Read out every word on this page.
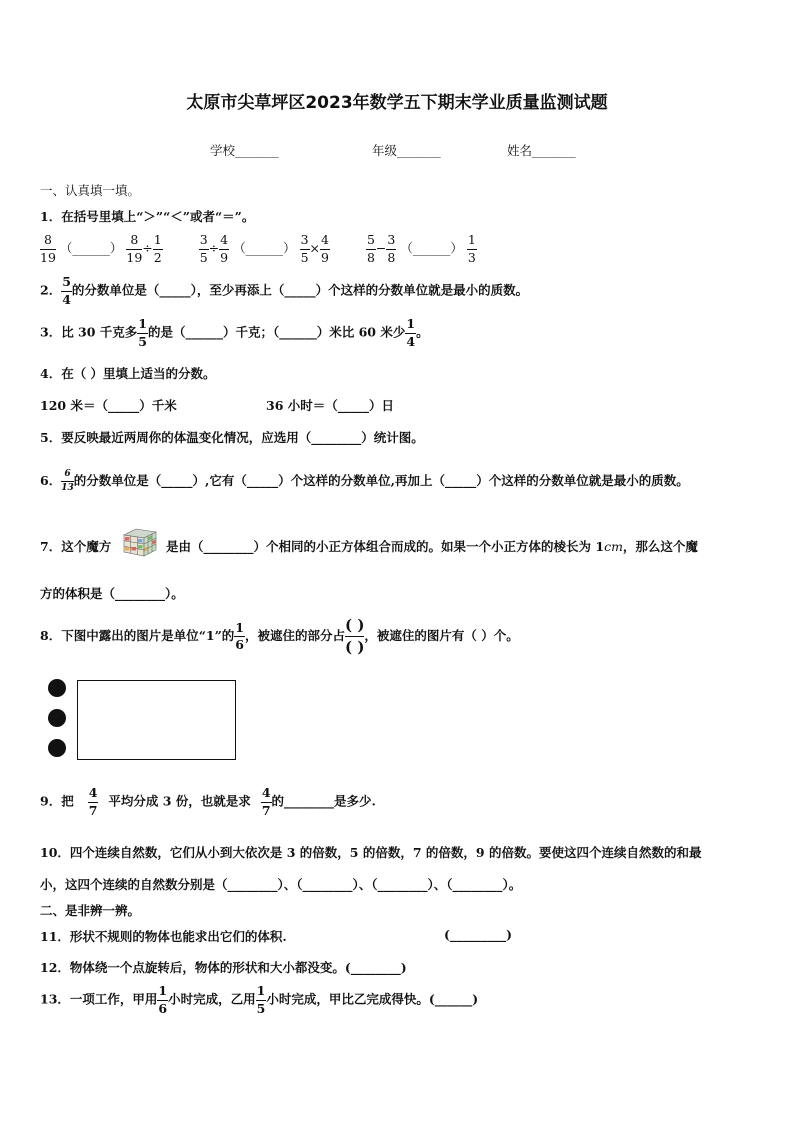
太原市尖草坪区2023年数学五下期末学业质量监测试题
学校_______	年级_______	姓名_______
一、认真填一填。
1．在括号里填上“＞”“＜”或者“＝”。
$\frac{8}{19}$ （______） $\frac{8}{19} \div \frac{1}{2}$
	$\frac{3}{5} \div \frac{4}{9}$ （______） $\frac{3}{5} \times \frac{4}{9}$
	$\frac{5}{8} - \frac{3}{8}$ （______） $\frac{1}{3}$
2． $\frac{5}{4}$ 的分数单位是（_____），至少再添上（_____）个这样的分数单位就是最小的质数。
3．比 30 千克多 $\frac{1}{5}$ 的是（______）千克；（______）米比 60 米少 $\frac{1}{4}$ 。
4．在（ ）里填上适当的分数。
120 米＝（_____）千米	36 小时＝（_____）日
5．要反映最近两周你的体温变化情况，应选用（________）统计图。
6． $\frac{6}{13}$ 的分数单位是（_____）,它有（_____）个这样的分数单位,再加上（_____）个这样的分数单位就是最小的质数。
7．这个魔方	是由（________）个相同的小正方体组合而成的。如果一个小正方体的棱长为 1cm，那么这个魔
方的体积是（________）。
8．下图中露出的图片是单位“1”的 $\frac{1}{6}$ ，被遮住的部分占 $\frac{( )}{( )}$ ，被遮住的图片有（ ）个。
9．把 $\frac{4}{7}$ 平均分成 3 份，也就是求 $\frac{4}{7}$ 的________是多少.
10．四个连续自然数，它们从小到大依次是 3 的倍数，5 的倍数，7 的倍数，9 的倍数。要使这四个连续自然数的和最
小，这四个连续的自然数分别是（________）、（________）、（________）、（________）。
二、是非辨一辨。
11．形状不规则的物体也能求出它们的体积.	(_________)
12．物体绕一个点旋转后，物体的形状和大小都没变。(________)
13．一项工作，甲用 $\frac{1}{6}$ 小时完成，乙用 $\frac{1}{5}$ 小时完成，甲比乙完成得快。(______)
